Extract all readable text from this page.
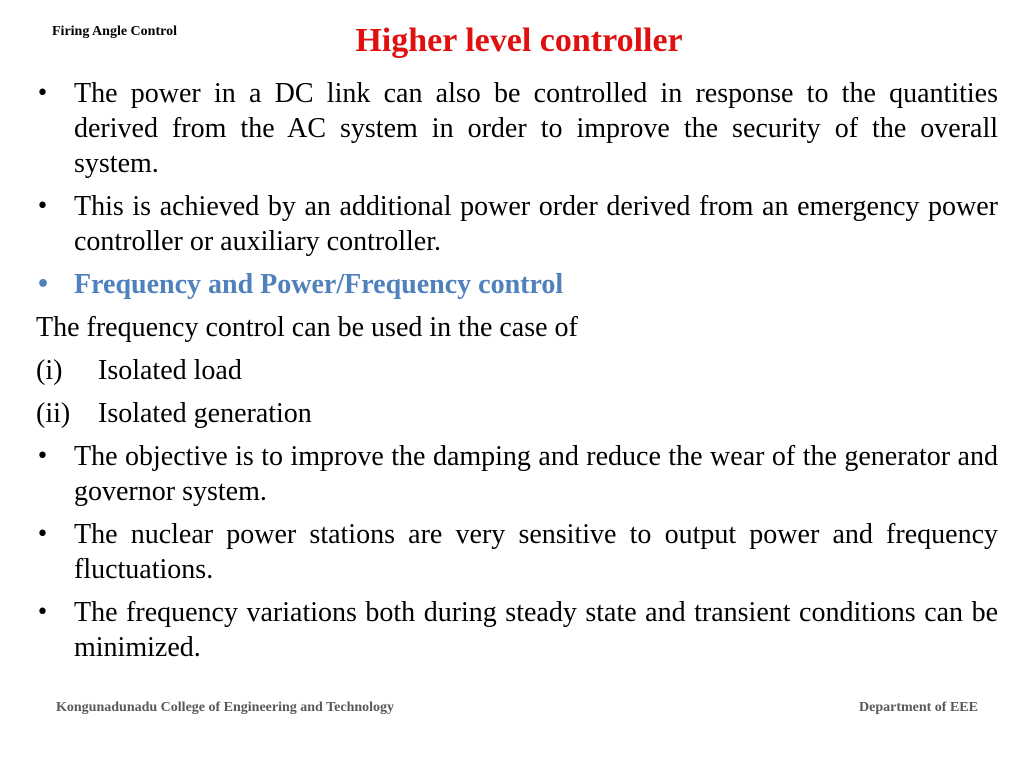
Firing Angle Control	Higher level controller
• The power in a DC link can also be controlled in response to the quantities derived from the AC system in order to improve the security of the overall system.
• This is achieved by an additional power order derived from an emergency power controller or auxiliary controller.
• Frequency and Power/Frequency control
The frequency control can be used in the case of
(i)	Isolated load
(ii) Isolated generation
• The objective is to improve the damping and reduce the wear of the generator and governor system.
• The nuclear power stations are very sensitive to output power and frequency fluctuations.
• The frequency variations both during steady state and transient conditions can be minimized.
Kongunadunadu College of Engineering and Technology	Department of EEE
